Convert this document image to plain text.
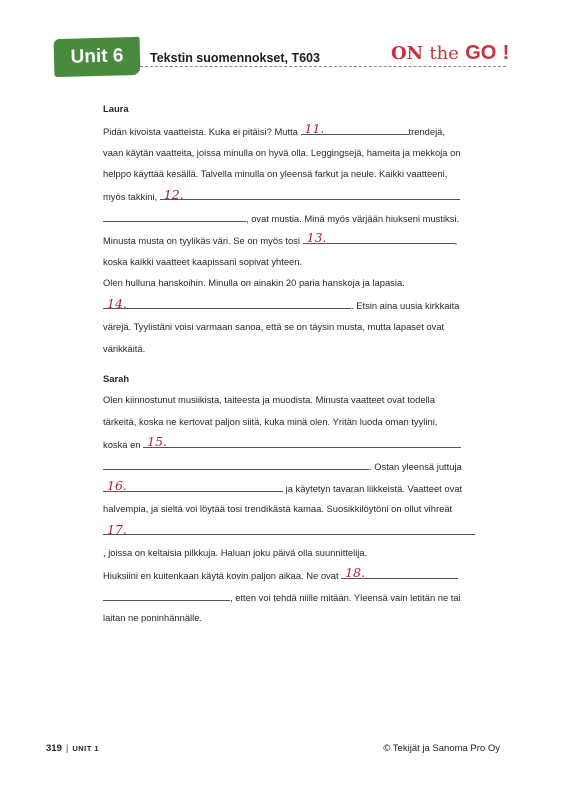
Unit 6	Tekstin suomennokset, T603	ON the GO !
Laura
Pidän kivoista vaatteista. Kuka ei pitäisi? Mutta 11.	trendejä,
vaan käytän vaatteita, joissa minulla on hyvä olla. Leggingsejä, hameita ja mekkoja on
helppo käyttää kesällä. Talvella minulla on yleensä farkut ja neule. Kaikki vaatteeni,
myös takkini, 12.
, ovat mustia. Minä myös värjään hiukseni mustiksi.
Minusta musta on tyylikäs väri. Se on myös tosi 13.	,
koska kaikki vaatteet kaapissani sopivat yhteen.
Olen hulluna hanskoihin. Minulla on ainakin 20 paria hanskoja ja lapasia.
14.	. Etsin aina uusia kirkkaita
värejä. Tyylistäni voisi varmaan sanoa, että se on täysin musta, mutta lapaset ovat
värikkäitä.
Sarah
Olen kiinnostunut musiikista, taiteesta ja muodista. Minusta vaatteet ovat todella
tärkeitä, koska ne kertovat paljon siitä, kuka minä olen. Yritän luoda oman tyylini,
koska en 15.
. Ostan yleensä juttuja
16.	ja käytetyn tavaran liikkeistä. Vaatteet ovat
halvempia, ja sieltä voi löytää tosi trendikästä kamaa. Suosikkilöytöni on ollut vihreät
17.
, joissa on keltaisia pilkkuja. Haluan joku päivä olla suunnittelija.
Hiuksiini en kuitenkaan käytä kovin paljon aikaa. Ne ovat 18.
, etten voi tehdä niille mitään. Yleensä vain letitän ne tai
laitan ne poninhännälle.
319 | UNIT 1	© Tekijät ja Sanoma Pro Oy
